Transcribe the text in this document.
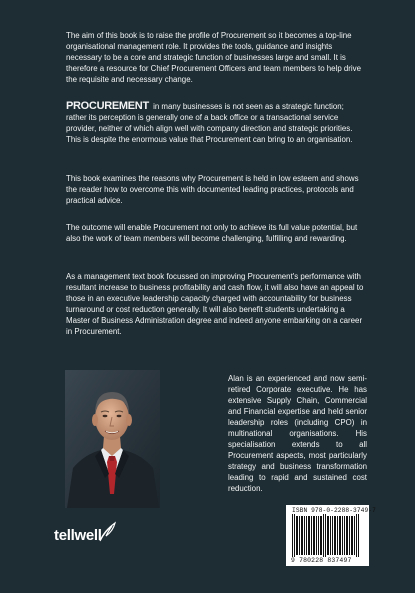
The aim of this book is to raise the profile of Procurement so it becomes a top-line organisational management role. It provides the tools, guidance and insights necessary to be a core and strategic function of businesses large and small. It is therefore a resource for Chief Procurement Officers and team members to help drive the requisite and necessary change.

PROCUREMENT in many businesses is not seen as a strategic function; rather its perception is generally one of a back office or a transactional service provider, neither of which align well with company direction and strategic priorities. This is despite the enormous value that Procurement can bring to an organisation.

This book examines the reasons why Procurement is held in low esteem and shows the reader how to overcome this with documented leading practices, protocols and practical advice.

The outcome will enable Procurement not only to achieve its full value potential, but also the work of team members will become challenging, fulfilling and rewarding.

As a management text book focussed on improving Procurement's performance with resultant increase to business profitability and cash flow, it will also have an appeal to those in an executive leadership capacity charged with accountability for business turnaround or cost reduction generally. It will also benefit students undertaking a Master of Business Administration degree and indeed anyone embarking on a career in Procurement.

Alan is an experienced and now semi-retired Corporate executive. He has extensive Supply Chain, Commercial and Financial expertise and held senior leadership roles (including CPO) in multinational organisations. His specialisation extends to all Procurement aspects, most particularly strategy and business transformation leading to rapid and sustained cost reduction.

tellwell
ISBN 978-0-2288-3749-7
9 780228 837497
